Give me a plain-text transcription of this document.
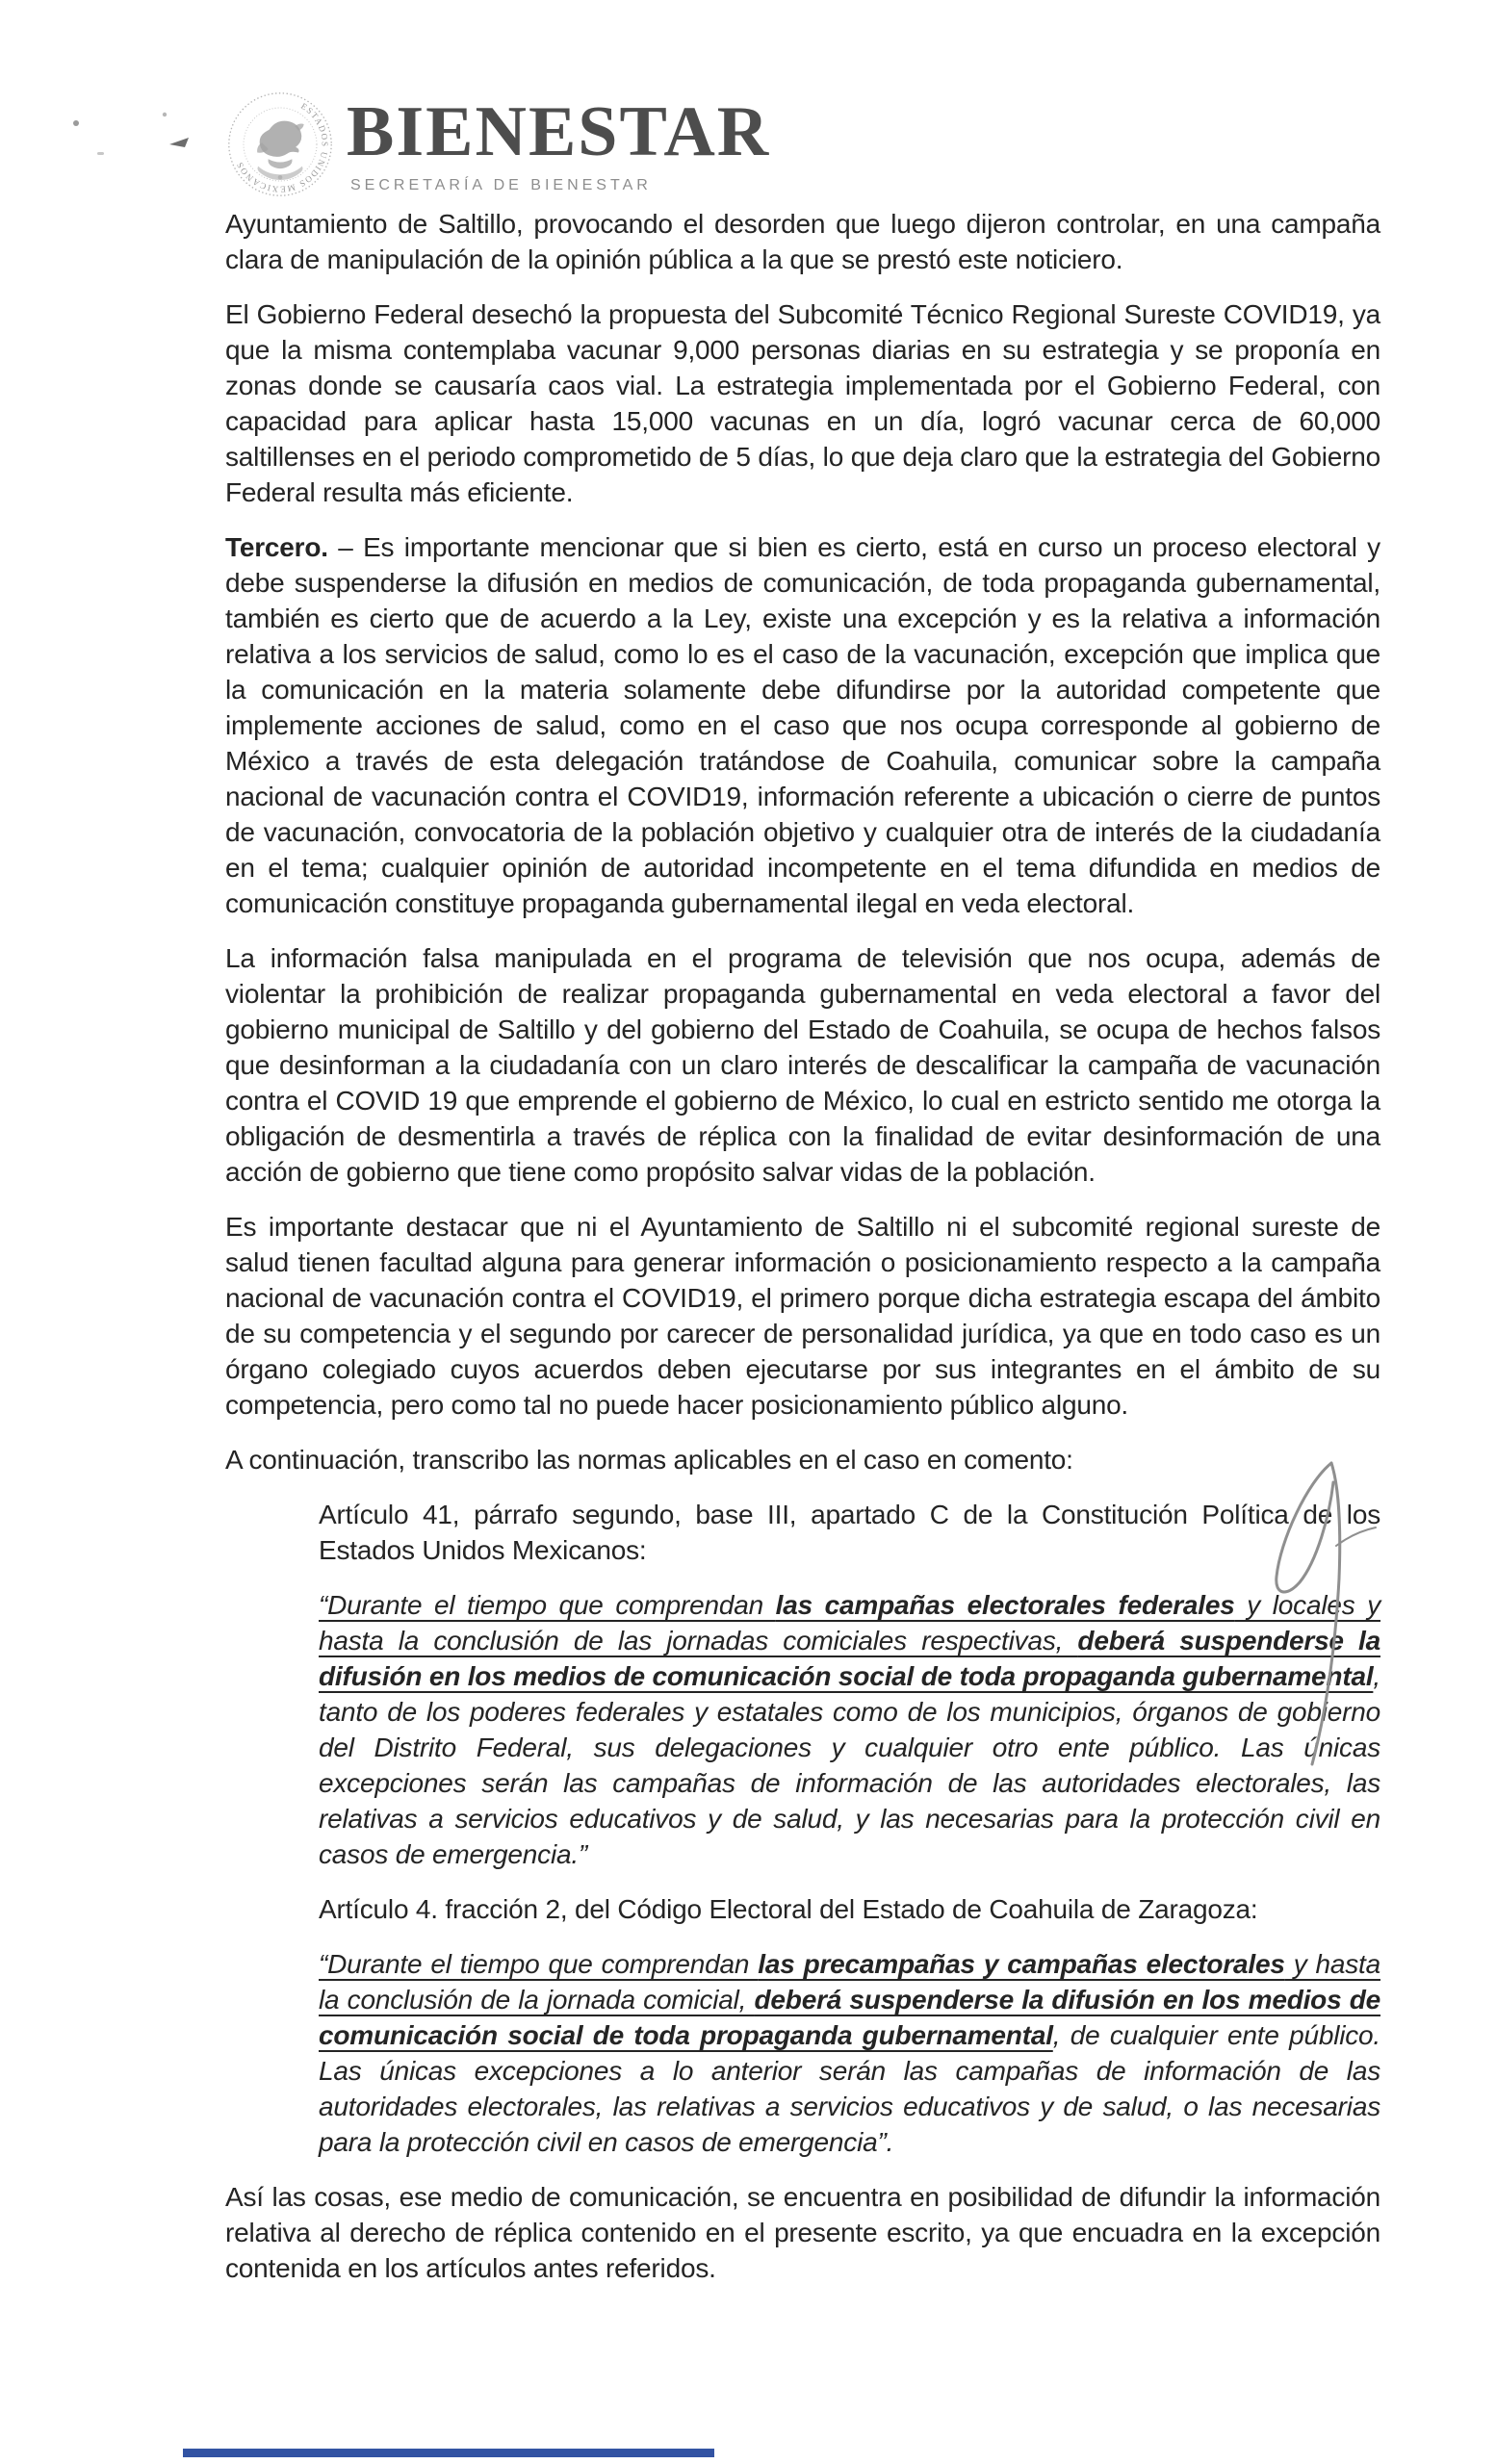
ESTADOS UNIDOS MEXICANOS	BIENESTAR
SECRETARÍA DE BIENESTAR

Ayuntamiento de Saltillo, provocando el desorden que luego dijeron controlar, en una campaña clara de manipulación de la opinión pública a la que se prestó este noticiero.

El Gobierno Federal desechó la propuesta del Subcomité Técnico Regional Sureste COVID19, ya que la misma contemplaba vacunar 9,000 personas diarias en su estrategia y se proponía en zonas donde se causaría caos vial. La estrategia implementada por el Gobierno Federal, con capacidad para aplicar hasta 15,000 vacunas en un día, logró vacunar cerca de 60,000 saltillenses en el periodo comprometido de 5 días, lo que deja claro que la estrategia del Gobierno Federal resulta más eficiente.

Tercero. – Es importante mencionar que si bien es cierto, está en curso un proceso electoral y debe suspenderse la difusión en medios de comunicación, de toda propaganda gubernamental, también es cierto que de acuerdo a la Ley, existe una excepción y es la relativa a información relativa a los servicios de salud, como lo es el caso de la vacunación, excepción que implica que la comunicación en la materia solamente debe difundirse por la autoridad competente que implemente acciones de salud, como en el caso que nos ocupa corresponde al gobierno de México a través de esta delegación tratándose de Coahuila, comunicar sobre la campaña nacional de vacunación contra el COVID19, información referente a ubicación o cierre de puntos de vacunación, convocatoria de la población objetivo y cualquier otra de interés de la ciudadanía en el tema; cualquier opinión de autoridad incompetente en el tema difundida en medios de comunicación constituye propaganda gubernamental ilegal en veda electoral.

La información falsa manipulada en el programa de televisión que nos ocupa, además de violentar la prohibición de realizar propaganda gubernamental en veda electoral a favor del gobierno municipal de Saltillo y del gobierno del Estado de Coahuila, se ocupa de hechos falsos que desinforman a la ciudadanía con un claro interés de descalificar la campaña de vacunación contra el COVID 19 que emprende el gobierno de México, lo cual en estricto sentido me otorga la obligación de desmentirla a través de réplica con la finalidad de evitar desinformación de una acción de gobierno que tiene como propósito salvar vidas de la población.

Es importante destacar que ni el Ayuntamiento de Saltillo ni el subcomité regional sureste de salud tienen facultad alguna para generar información o posicionamiento respecto a la campaña nacional de vacunación contra el COVID19, el primero porque dicha estrategia escapa del ámbito de su competencia y el segundo por carecer de personalidad jurídica, ya que en todo caso es un órgano colegiado cuyos acuerdos deben ejecutarse por sus integrantes en el ámbito de su competencia, pero como tal no puede hacer posicionamiento público alguno.

A continuación, transcribo las normas aplicables en el caso en comento:

Artículo 41, párrafo segundo, base III, apartado C de la Constitución Política de los Estados Unidos Mexicanos:

“Durante el tiempo que comprendan las campañas electorales federales y locales y hasta la conclusión de las jornadas comiciales respectivas, deberá suspenderse la difusión en los medios de comunicación social de toda propaganda gubernamental, tanto de los poderes federales y estatales como de los municipios, órganos de gobierno del Distrito Federal, sus delegaciones y cualquier otro ente público. Las únicas excepciones serán las campañas de información de las autoridades electorales, las relativas a servicios educativos y de salud, y las necesarias para la protección civil en casos de emergencia.”

Artículo 4. fracción 2, del Código Electoral del Estado de Coahuila de Zaragoza:

“Durante el tiempo que comprendan las precampañas y campañas electorales y hasta la conclusión de la jornada comicial, deberá suspenderse la difusión en los medios de comunicación social de toda propaganda gubernamental, de cualquier ente público. Las únicas excepciones a lo anterior serán las campañas de información de las autoridades electorales, las relativas a servicios educativos y de salud, o las necesarias para la protección civil en casos de emergencia”.

Así las cosas, ese medio de comunicación, se encuentra en posibilidad de difundir la información relativa al derecho de réplica contenido en el presente escrito, ya que encuadra en la excepción contenida en los artículos antes referidos.
